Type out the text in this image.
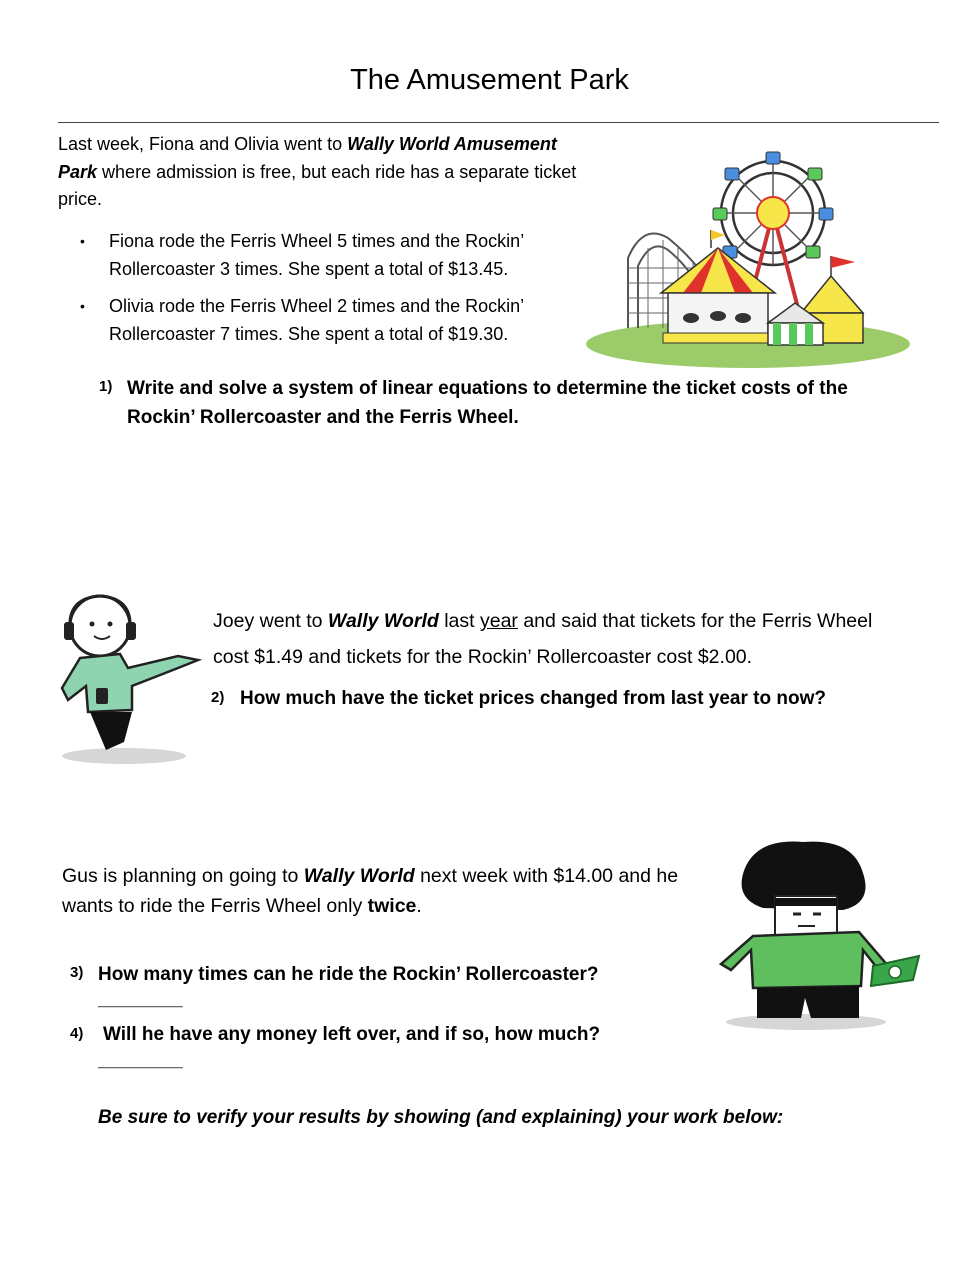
The Amusement Park
Last week, Fiona and Olivia went to Wally World Amusement Park where admission is free, but each ride has a separate ticket price.
• Fiona rode the Ferris Wheel 5 times and the Rockin’ Rollercoaster 3 times. She spent a total of $13.45.
• Olivia rode the Ferris Wheel 2 times and the Rockin’ Rollercoaster 7 times. She spent a total of $19.30.
1) Write and solve a system of linear equations to determine the ticket costs of the Rockin’ Rollercoaster and the Ferris Wheel.
Joey went to Wally World last year and said that tickets for the Ferris Wheel cost $1.49 and tickets for the Rockin’ Rollercoaster cost $2.00.
2) How much have the ticket prices changed from last year to now?
Gus is planning on going to Wally World next week with $14.00 and he wants to ride the Ferris Wheel only twice.
3) How many times can he ride the Rockin’ Rollercoaster?
________
4) Will he have any money left over, and if so, how much?
________
Be sure to verify your results by showing (and explaining) your work below:
